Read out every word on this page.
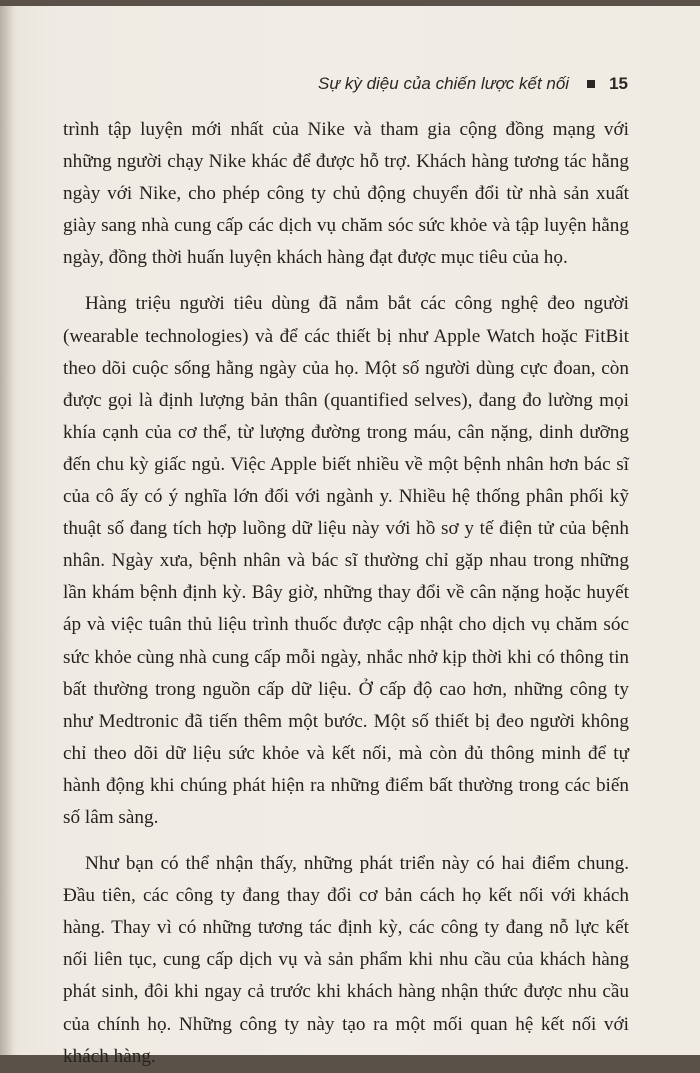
Sự kỳ diệu của chiến lược kết nối 15

trình tập luyện mới nhất của Nike và tham gia cộng đồng mạng với những người chạy Nike khác để được hỗ trợ. Khách hàng tương tác hằng ngày với Nike, cho phép công ty chủ động chuyển đổi từ nhà sản xuất giày sang nhà cung cấp các dịch vụ chăm sóc sức khỏe và tập luyện hằng ngày, đồng thời huấn luyện khách hàng đạt được mục tiêu của họ.

Hàng triệu người tiêu dùng đã nắm bắt các công nghệ đeo người (wearable technologies) và để các thiết bị như Apple Watch hoặc FitBit theo dõi cuộc sống hằng ngày của họ. Một số người dùng cực đoan, còn được gọi là định lượng bản thân (quantified selves), đang đo lường mọi khía cạnh của cơ thể, từ lượng đường trong máu, cân nặng, dinh dưỡng đến chu kỳ giấc ngủ. Việc Apple biết nhiều về một bệnh nhân hơn bác sĩ của cô ấy có ý nghĩa lớn đối với ngành y. Nhiều hệ thống phân phối kỹ thuật số đang tích hợp luồng dữ liệu này với hồ sơ y tế điện tử của bệnh nhân. Ngày xưa, bệnh nhân và bác sĩ thường chỉ gặp nhau trong những lần khám bệnh định kỳ. Bây giờ, những thay đổi về cân nặng hoặc huyết áp và việc tuân thủ liệu trình thuốc được cập nhật cho dịch vụ chăm sóc sức khỏe cùng nhà cung cấp mỗi ngày, nhắc nhở kịp thời khi có thông tin bất thường trong nguồn cấp dữ liệu. Ở cấp độ cao hơn, những công ty như Medtronic đã tiến thêm một bước. Một số thiết bị đeo người không chỉ theo dõi dữ liệu sức khỏe và kết nối, mà còn đủ thông minh để tự hành động khi chúng phát hiện ra những điểm bất thường trong các biến số lâm sàng.

Như bạn có thể nhận thấy, những phát triển này có hai điểm chung. Đầu tiên, các công ty đang thay đổi cơ bản cách họ kết nối với khách hàng. Thay vì có những tương tác định kỳ, các công ty đang nỗ lực kết nối liên tục, cung cấp dịch vụ và sản phẩm khi nhu cầu của khách hàng phát sinh, đôi khi ngay cả trước khi khách hàng nhận thức được nhu cầu của chính họ. Những công ty này tạo ra một mối quan hệ kết nối với khách hàng.
